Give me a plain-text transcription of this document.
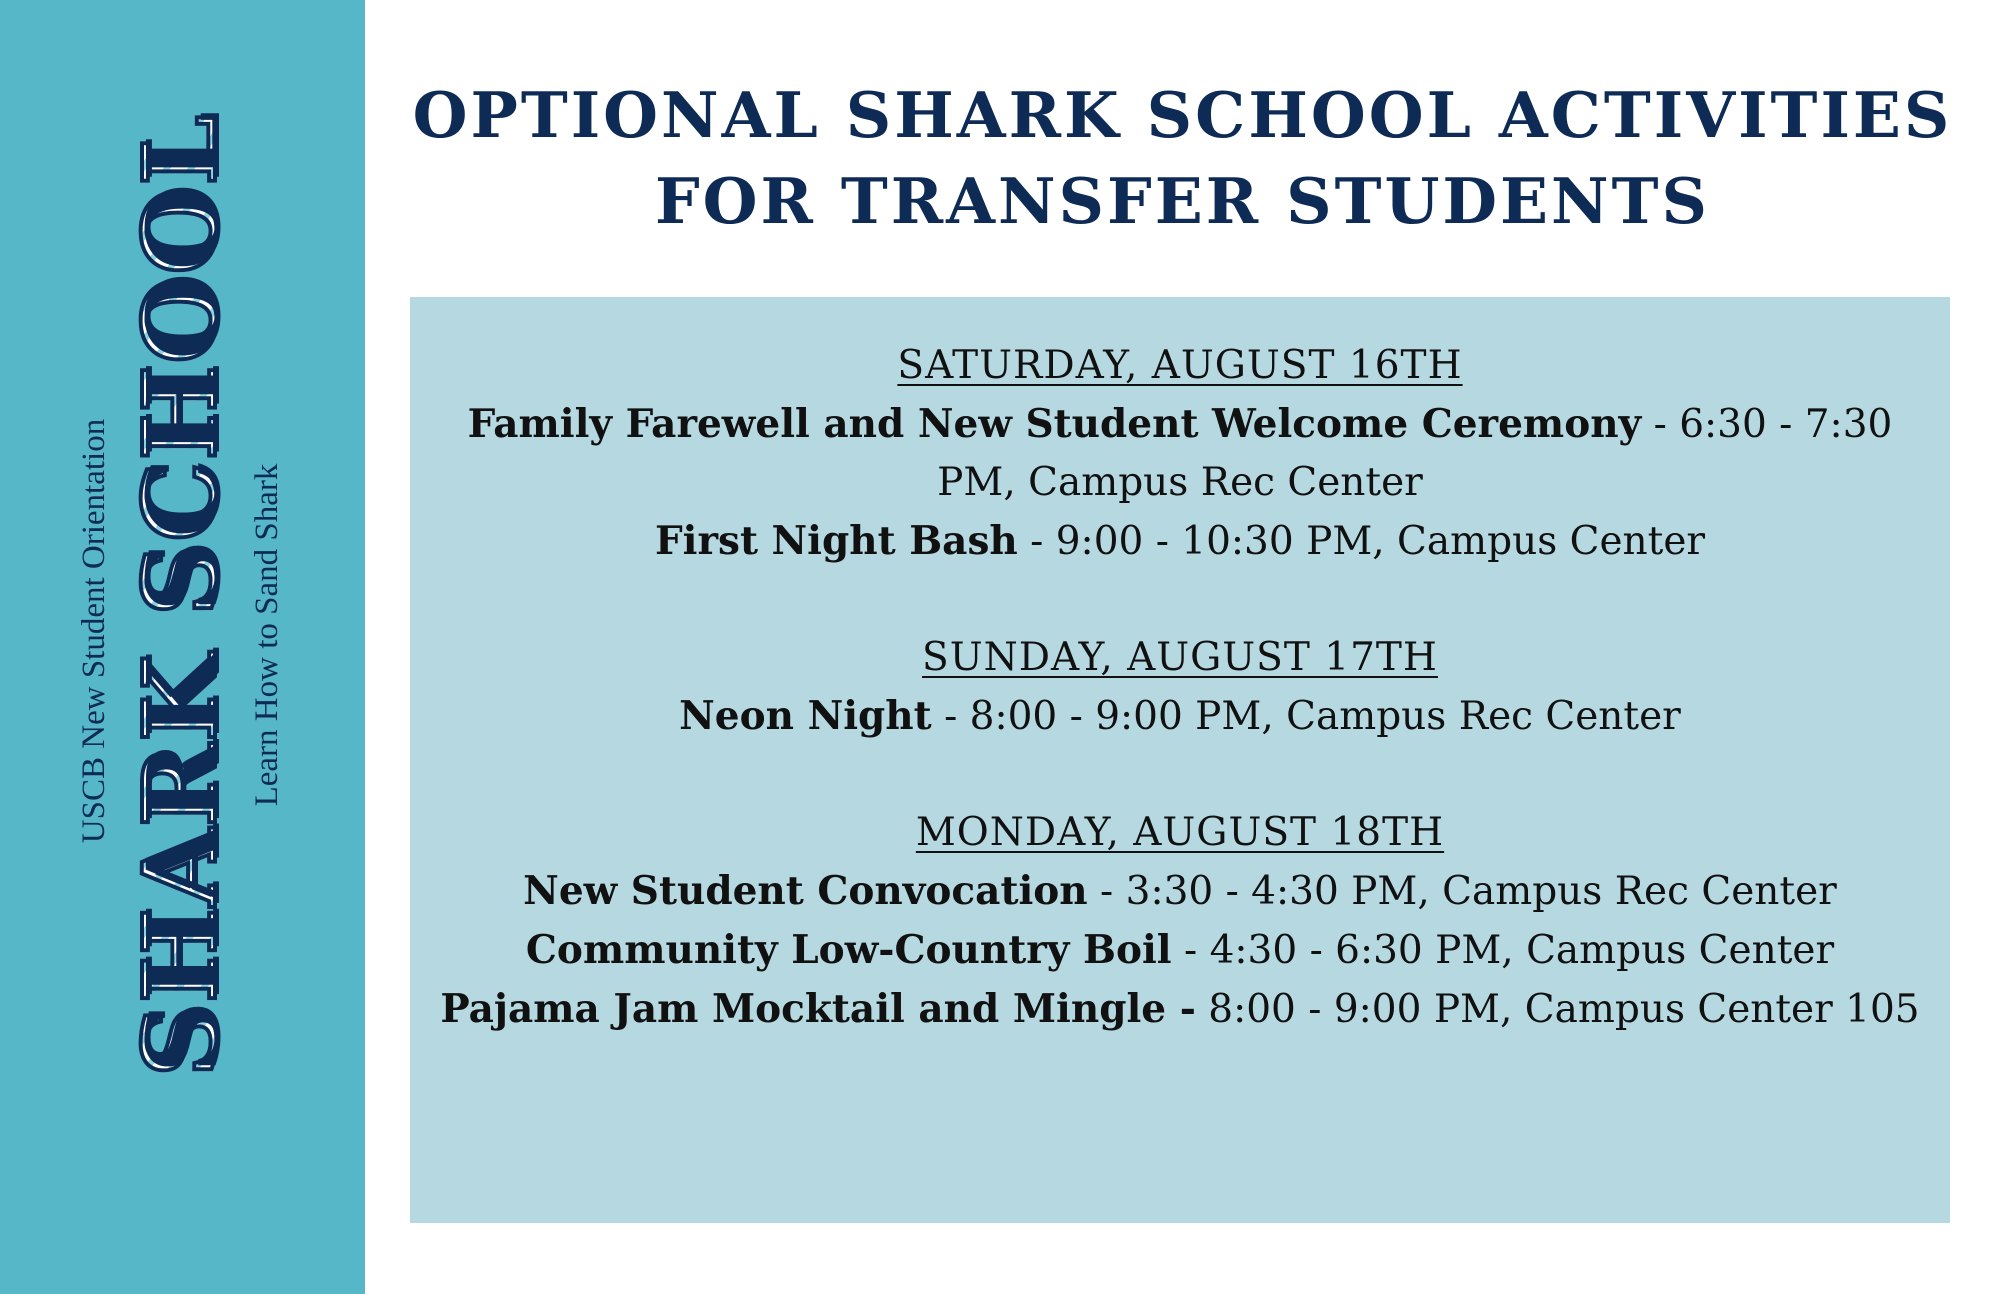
USCB New Student Orientation SHARK SCHOOL Learn How to Sand Shark
OPTIONAL SHARK SCHOOL ACTIVITIES
FOR TRANSFER STUDENTS
SATURDAY, AUGUST 16TH
Family Farewell and New Student Welcome Ceremony - 6:30 - 7:30 PM, Campus Rec Center
First Night Bash - 9:00 - 10:30 PM, Campus Center
SUNDAY, AUGUST 17TH
Neon Night - 8:00 - 9:00 PM, Campus Rec Center
MONDAY, AUGUST 18TH
New Student Convocation - 3:30 - 4:30 PM, Campus Rec Center
Community Low-Country Boil - 4:30 - 6:30 PM, Campus Center
Pajama Jam Mocktail and Mingle - 8:00 - 9:00 PM, Campus Center 105
